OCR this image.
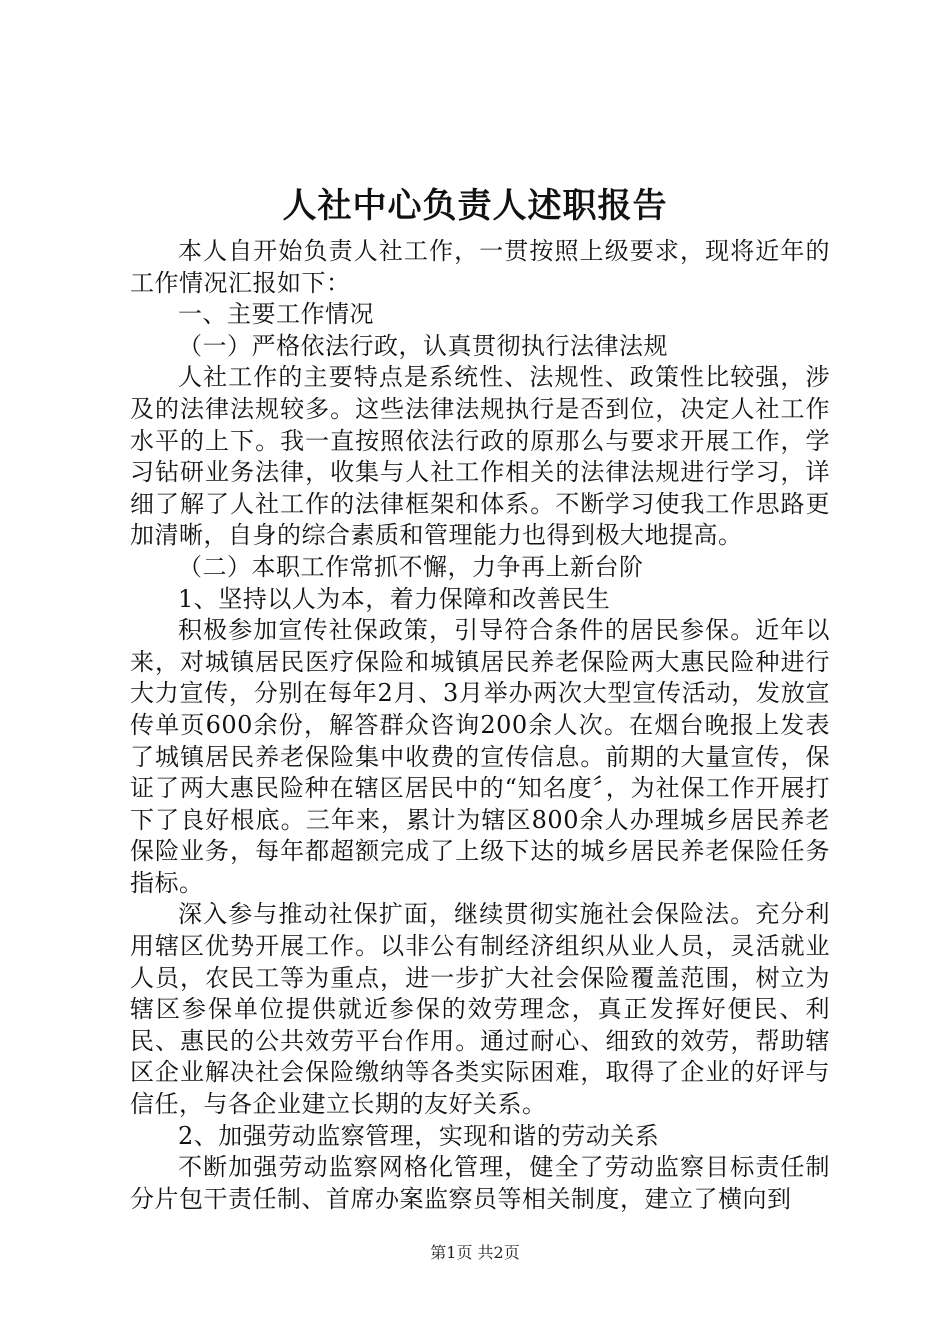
人社中心负责人述职报告

本人自开始负责人社工作，一贯按照上级要求，现将近年的工作情况汇报如下：

一、主要工作情况

（一）严格依法行政，认真贯彻执行法律法规

人社工作的主要特点是系统性、法规性、政策性比较强，涉及的法律法规较多。这些法律法规执行是否到位，决定人社工作水平的上下。我一直按照依法行政的原那么与要求开展工作，学习钻研业务法律，收集与人社工作相关的法律法规进行学习，详细了解了人社工作的法律框架和体系。不断学习使我工作思路更加清晰，自身的综合素质和管理能力也得到极大地提高。

（二）本职工作常抓不懈，力争再上新台阶

1、坚持以人为本，着力保障和改善民生

积极参加宣传社保政策，引导符合条件的居民参保。近年以来，对城镇居民医疗保险和城镇居民养老保险两大惠民险种进行大力宣传，分别在每年2月、3月举办两次大型宣传活动，发放宣传单页600余份，解答群众咨询200余人次。在烟台晚报上发表了城镇居民养老保险集中收费的宣传信息。前期的大量宣传，保证了两大惠民险种在辖区居民中的“知名度〞，为社保工作开展打下了良好根底。三年来，累计为辖区800余人办理城乡居民养老保险业务，每年都超额完成了上级下达的城乡居民养老保险任务指标。

深入参与推动社保扩面，继续贯彻实施社会保险法。充分利用辖区优势开展工作。以非公有制经济组织从业人员，灵活就业人员，农民工等为重点，进一步扩大社会保险覆盖范围，树立为辖区参保单位提供就近参保的效劳理念，真正发挥好便民、利民、惠民的公共效劳平台作用。通过耐心、细致的效劳，帮助辖区企业解决社会保险缴纳等各类实际困难，取得了企业的好评与信任，与各企业建立长期的友好关系。

2、加强劳动监察管理，实现和谐的劳动关系

不断加强劳动监察网格化管理，健全了劳动监察目标责任制分片包干责任制、首席办案监察员等相关制度，建立了横向到

第1页 共2页
